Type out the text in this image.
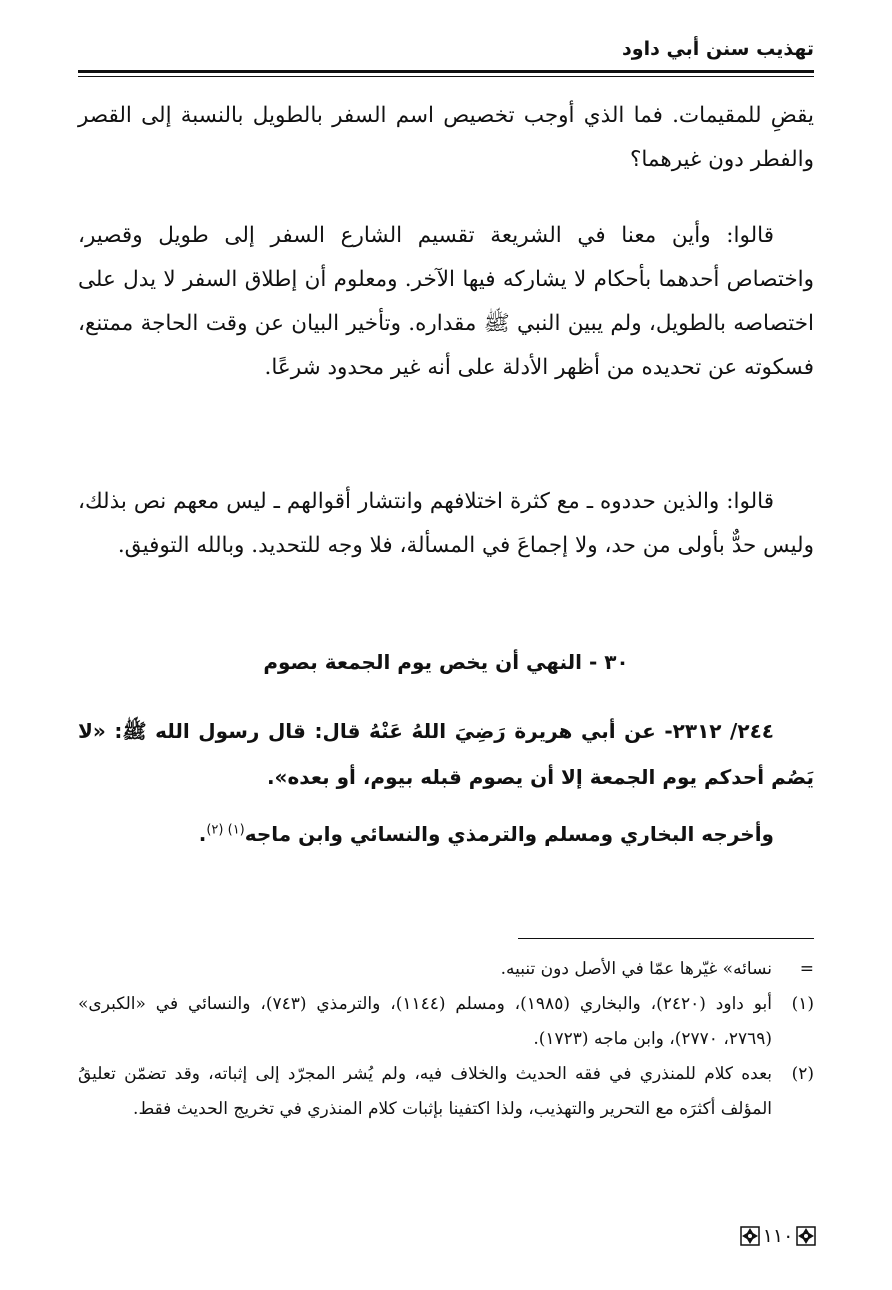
تهذيب سنن أبي داود
يقضِ للمقيمات. فما الذي أوجب تخصيص اسم السفر بالطويل بالنسبة إلى القصر والفطر دون غيرهما؟
قالوا: وأين معنا في الشريعة تقسيم الشارع السفر إلى طويل وقصير، واختصاص أحدهما بأحكام لا يشاركه فيها الآخر. ومعلوم أن إطلاق السفر لا يدل على اختصاصه بالطويل، ولم يبين النبي ﷺ مقداره. وتأخير البيان عن وقت الحاجة ممتنع، فسكوته عن تحديده من أظهر الأدلة على أنه غير محدود شرعًا.
قالوا: والذين حددوه ـ مع كثرة اختلافهم وانتشار أقوالهم ـ ليس معهم نص بذلك، وليس حدٌّ بأولى من حد، ولا إجماعَ في المسألة، فلا وجه للتحديد. وبالله التوفيق.
٣٠ - النهي أن يخص يوم الجمعة بصوم
٢٤٤/ ٢٣١٢- عن أبي هريرة رَضِيَ اللهُ عَنْهُ قال: قال رسول الله ﷺ: «لا يَصُم أحدكم يوم الجمعة إلا أن يصوم قبله بيوم، أو بعده».
وأخرجه البخاري ومسلم والترمذي والنسائي وابن ماجه$^{(١) (٢)}$.
=
نسائه» غيّرها عمّا في الأصل دون تنبيه.
(١)
أبو داود (٢٤٢٠)، والبخاري (١٩٨٥)، ومسلم (١١٤٤)، والترمذي (٧٤٣)، والنسائي في «الكبرى» (٢٧٦٩، ٢٧٧٠)، وابن ماجه (١٧٢٣).
(٢)
بعده كلام للمنذري في فقه الحديث والخلاف فيه، ولم يُشر المجرّد إلى إثباته، وقد تضمّن تعليقُ المؤلف أكثرَه مع التحرير والتهذيب، ولذا اكتفينا بإثبات كلام المنذري في تخريج الحديث فقط.
١١٠
